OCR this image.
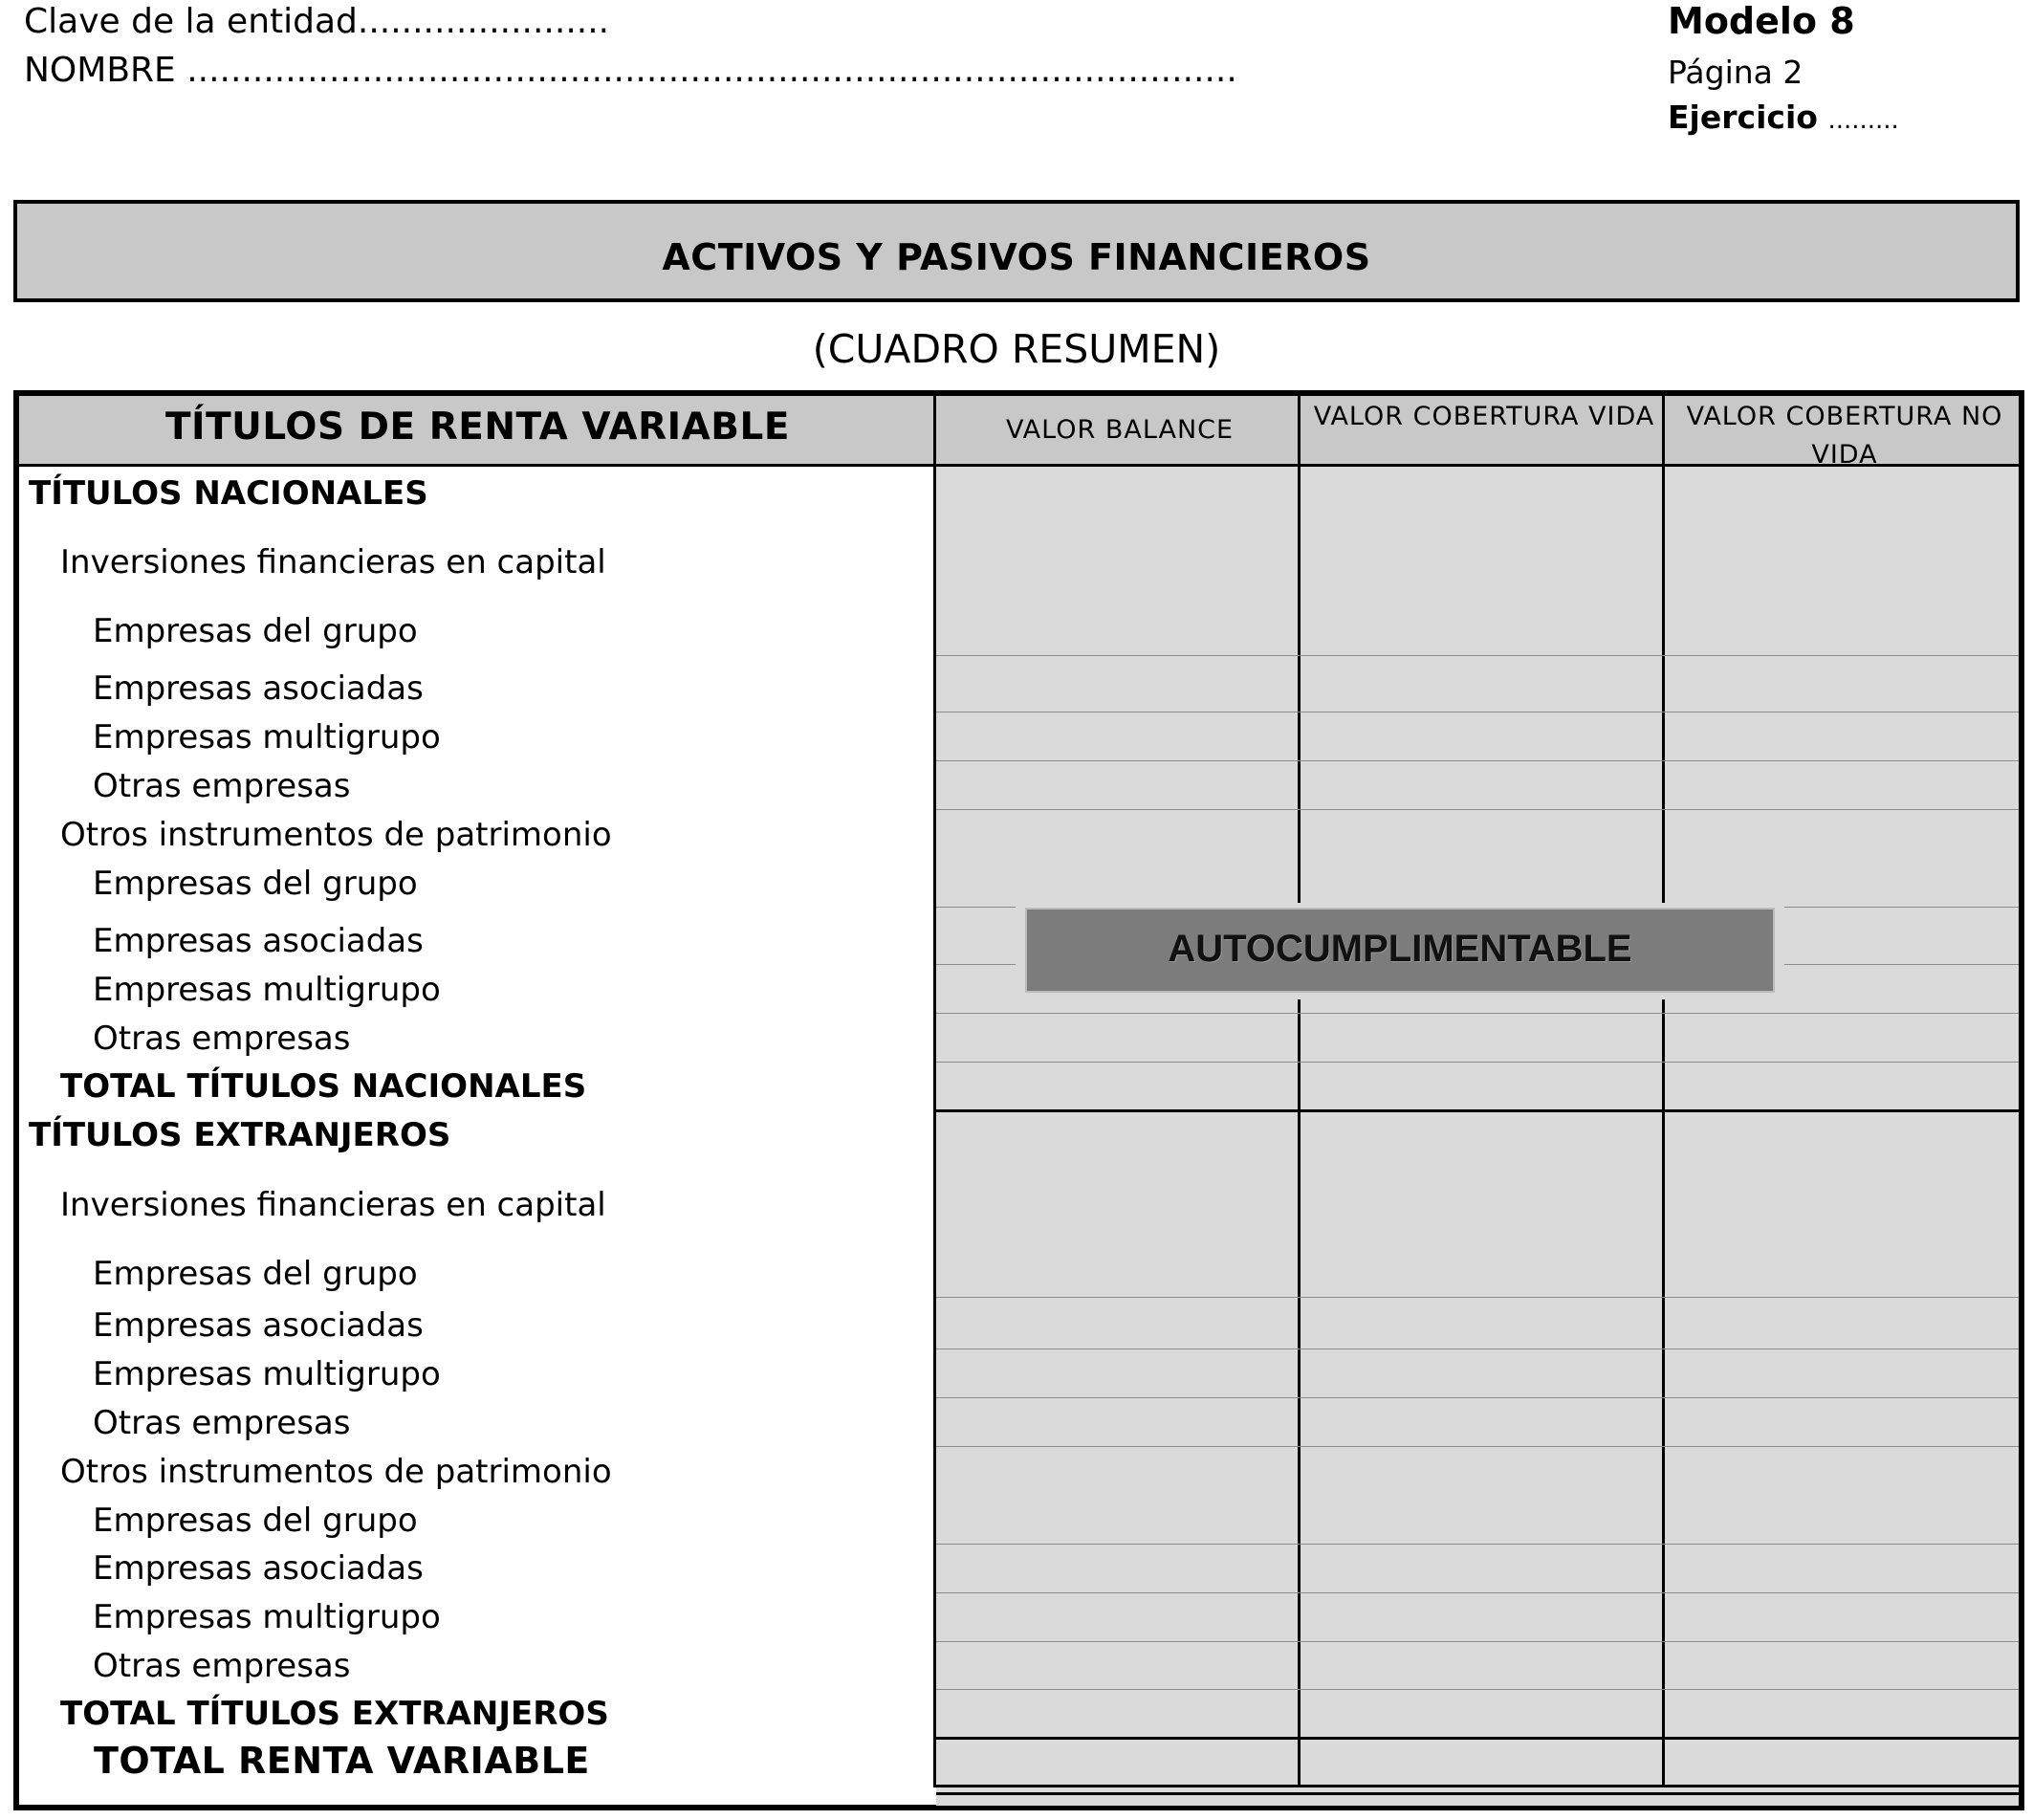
Clave de la entidad.......................
NOMBRE ................................................................................................
Modelo 8
Página 2
Ejercicio .........
ACTIVOS Y PASIVOS FINANCIEROS
(CUADRO RESUMEN)
TÍTULOS DE RENTA VARIABLE	VALOR BALANCE	VALOR COBERTURA VIDA	VALOR COBERTURA NO VIDA
TÍTULOS NACIONALES
Inversiones financieras en capital
Empresas del grupo
Empresas asociadas
Empresas multigrupo
Otras empresas
Otros instrumentos de patrimonio
Empresas del grupo
Empresas asociadas
Empresas multigrupo
Otras empresas
TOTAL TÍTULOS NACIONALES
TÍTULOS EXTRANJEROS
Inversiones financieras en capital
Empresas del grupo
Empresas asociadas
Empresas multigrupo
Otras empresas
Otros instrumentos de patrimonio
Empresas del grupo
Empresas asociadas
Empresas multigrupo
Otras empresas
TOTAL TÍTULOS EXTRANJEROS
TOTAL RENTA VARIABLE
AUTOCUMPLIMENTABLE
